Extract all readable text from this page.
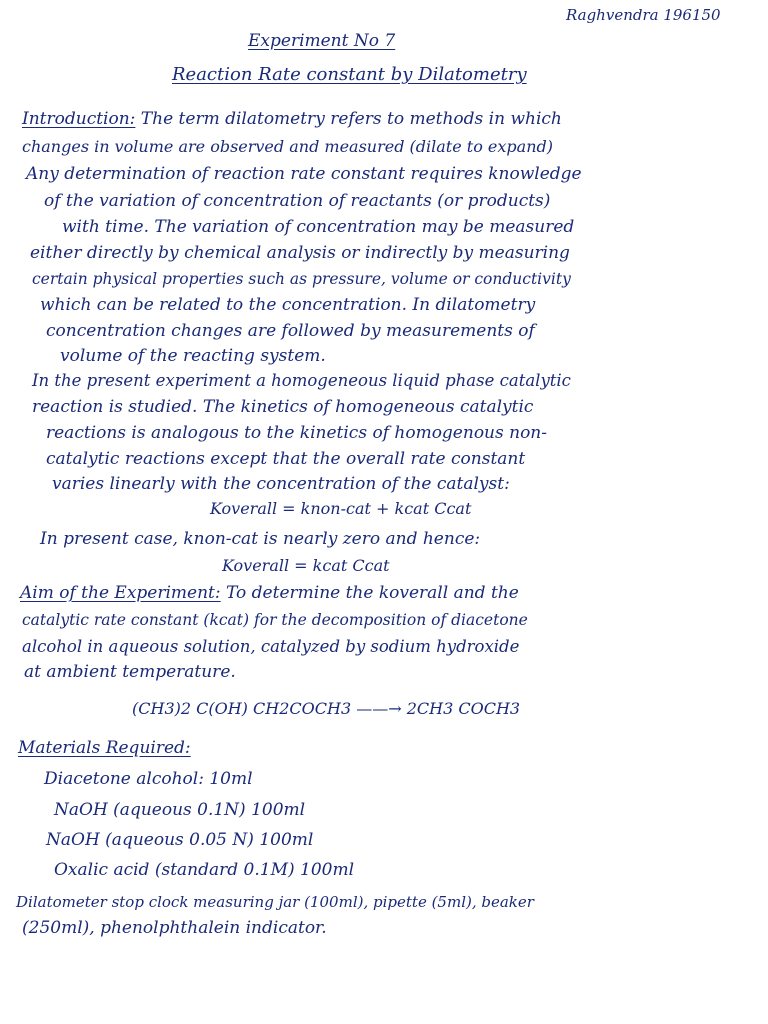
Raghvendra 196150
Experiment No 7
Reaction Rate constant by Dilatometry
Introduction: The term dilatometry refers to methods in which
changes in volume are observed and measured (dilate to expand)
Any determination of reaction rate constant requires knowledge
of the variation of concentration of reactants (or products)
with time. The variation of concentration may be measured
either directly by chemical analysis or indirectly by measuring
certain physical properties such as pressure, volume or conductivity
which can be related to the concentration. In dilatometry
concentration changes are followed by measurements of
volume of the reacting system.
In the present experiment a homogeneous liquid phase catalytic
reaction is studied. The kinetics of homogeneous catalytic
reactions is analogous to the kinetics of homogenous non-
catalytic reactions except that the overall rate constant
varies linearly with the concentration of the catalyst:
Koverall = knon-cat + kcat Ccat
In present case, knon-cat is nearly zero and hence:
Koverall = kcat Ccat
Aim of the Experiment: To determine the koverall and the
catalytic rate constant (kcat) for the decomposition of diacetone
alcohol in aqueous solution, catalyzed by sodium hydroxide
at ambient temperature.
(CH3)2 C(OH) CH2COCH3 ——→ 2CH3 COCH3
Materials Required:
Diacetone alcohol: 10ml
NaOH (aqueous 0.1N) 100ml
NaOH (aqueous 0.05 N) 100ml
Oxalic acid (standard 0.1M) 100ml
Dilatometer stop clock measuring jar (100ml), pipette (5ml), beaker
(250ml), phenolphthalein indicator.
